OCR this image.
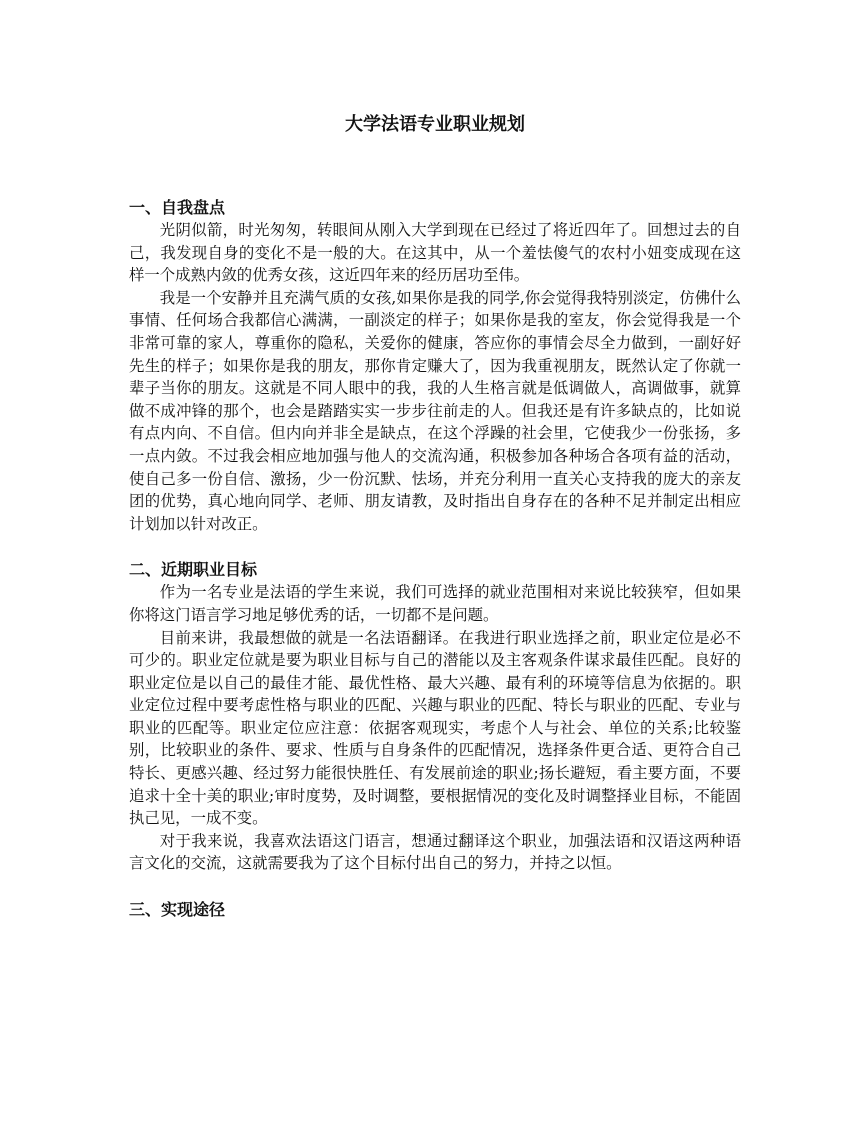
大学法语专业职业规划
一、自我盘点

光阴似箭，时光匆匆，转眼间从刚入大学到现在已经过了将近四年了。回想过去的自己，我发现自身的变化不是一般的大。在这其中，从一个羞怯傻气的农村小妞变成现在这样一个成熟内敛的优秀女孩，这近四年来的经历居功至伟。

我是一个安静并且充满气质的女孩,如果你是我的同学,你会觉得我特别淡定，仿佛什么事情、任何场合我都信心满满，一副淡定的样子；如果你是我的室友，你会觉得我是一个非常可靠的家人，尊重你的隐私，关爱你的健康，答应你的事情会尽全力做到，一副好好先生的样子；如果你是我的朋友，那你肯定赚大了，因为我重视朋友，既然认定了你就一辈子当你的朋友。这就是不同人眼中的我，我的人生格言就是低调做人，高调做事，就算做不成冲锋的那个，也会是踏踏实实一步步往前走的人。但我还是有许多缺点的，比如说有点内向、不自信。但内向并非全是缺点，在这个浮躁的社会里，它使我少一份张扬，多一点内敛。不过我会相应地加强与他人的交流沟通，积极参加各种场合各项有益的活动，使自己多一份自信、激扬，少一份沉默、怯场，并充分利用一直关心支持我的庞大的亲友团的优势，真心地向同学、老师、朋友请教，及时指出自身存在的各种不足并制定出相应计划加以针对改正。

二、近期职业目标

作为一名专业是法语的学生来说，我们可选择的就业范围相对来说比较狭窄，但如果你将这门语言学习地足够优秀的话，一切都不是问题。

目前来讲，我最想做的就是一名法语翻译。在我进行职业选择之前，职业定位是必不可少的。职业定位就是要为职业目标与自己的潜能以及主客观条件谋求最佳匹配。良好的职业定位是以自己的最佳才能、最优性格、最大兴趣、最有利的环境等信息为依据的。职业定位过程中要考虑性格与职业的匹配、兴趣与职业的匹配、特长与职业的匹配、专业与职业的匹配等。职业定位应注意：依据客观现实，考虑个人与社会、单位的关系;比较鉴别，比较职业的条件、要求、性质与自身条件的匹配情况，选择条件更合适、更符合自己特长、更感兴趣、经过努力能很快胜任、有发展前途的职业;扬长避短，看主要方面，不要追求十全十美的职业;审时度势，及时调整，要根据情况的变化及时调整择业目标，不能固执己见，一成不变。

对于我来说，我喜欢法语这门语言，想通过翻译这个职业，加强法语和汉语这两种语言文化的交流，这就需要我为了这个目标付出自己的努力，并持之以恒。

三、实现途径
